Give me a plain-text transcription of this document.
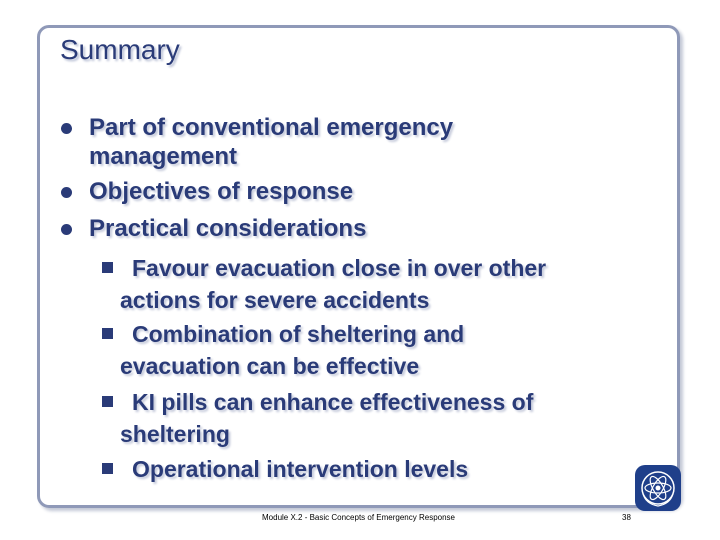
Summary
Part of conventional emergency
management
Objectives of response
Practical considerations
Favour evacuation close in over other
actions for severe accidents
Combination of sheltering and
evacuation can be effective
KI pills can enhance effectiveness of
sheltering
Operational intervention levels
Module X.2 - Basic Concepts of Emergency Response	38
